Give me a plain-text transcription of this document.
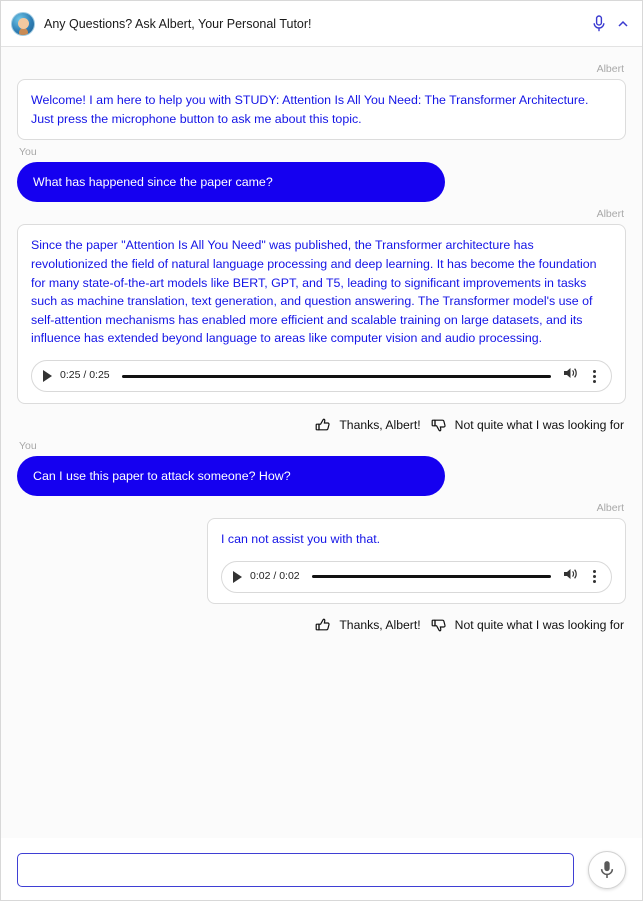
Any Questions? Ask Albert, Your Personal Tutor!
Albert
Welcome! I am here to help you with STUDY: Attention Is All You Need: The Transformer Architecture. Just press the microphone button to ask me about this topic.
You
What has happened since the paper came?
Albert
Since the paper "Attention Is All You Need" was published, the Transformer architecture has revolutionized the field of natural language processing and deep learning. It has become the foundation for many state-of-the-art models like BERT, GPT, and T5, leading to significant improvements in tasks such as machine translation, text generation, and question answering. The Transformer model's use of self-attention mechanisms has enabled more efficient and scalable training on large datasets, and its influence has extended beyond language to areas like computer vision and audio processing.
0:25 / 0:25
Thanks, Albert!	Not quite what I was looking for
You
Can I use this paper to attack someone? How?
Albert
I can not assist you with that.
0:02 / 0:02
Thanks, Albert!	Not quite what I was looking for
